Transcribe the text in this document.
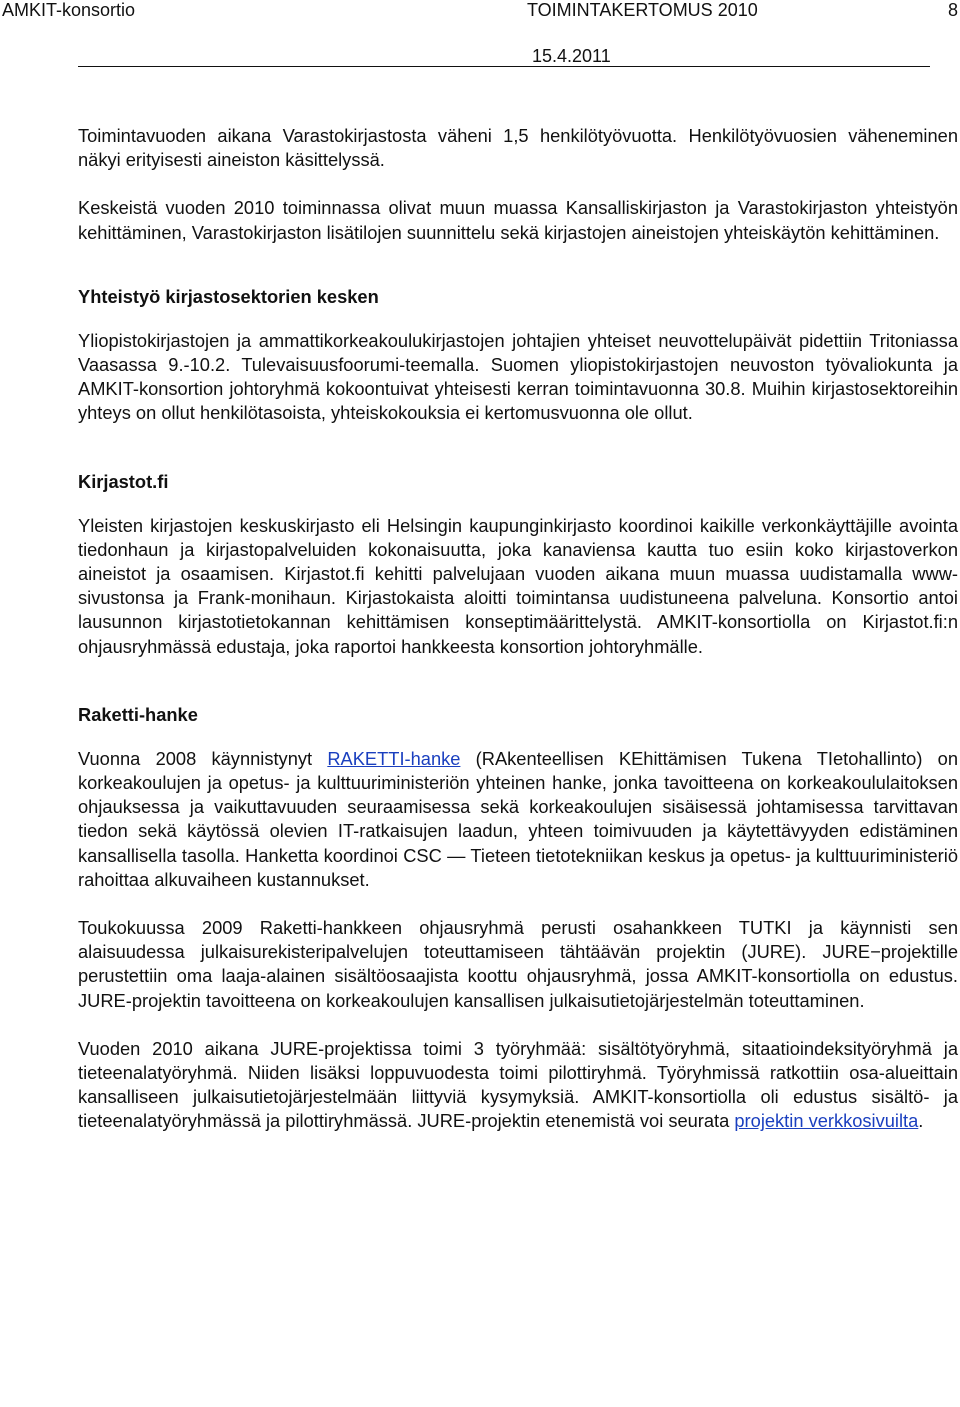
AMKIT-konsortio	TOIMINTAKERTOMUS 2010	8
15.4.2011

Toimintavuoden aikana Varastokirjastosta väheni 1,5 henkilötyövuotta. Henkilötyövuosien väheneminen näkyi erityisesti aineiston käsittelyssä.

Keskeistä vuoden 2010 toiminnassa olivat muun muassa Kansalliskirjaston ja Varastokirjaston yhteistyön kehittäminen, Varastokirjaston lisätilojen suunnittelu sekä kirjastojen aineistojen yhteiskäytön kehittäminen.

Yhteistyö kirjastosektorien kesken

Yliopistokirjastojen ja ammattikorkeakoulukirjastojen johtajien yhteiset neuvottelupäivät pidettiin Tritoniassa Vaasassa 9.-10.2. Tulevaisuusfoorumi-teemalla. Suomen yliopistokirjastojen neuvoston työvaliokunta ja AMKIT-konsortion johtoryhmä kokoontuivat yhteisesti kerran toimintavuonna 30.8. Muihin kirjastosektoreihin yhteys on ollut henkilötasoista, yhteiskokouksia ei kertomusvuonna ole ollut.

Kirjastot.fi

Yleisten kirjastojen keskuskirjasto eli Helsingin kaupunginkirjasto koordinoi kaikille verkonkäyttäjille avointa tiedonhaun ja kirjastopalveluiden kokonaisuutta, joka kanaviensa kautta tuo esiin koko kirjastoverkon aineistot ja osaamisen. Kirjastot.fi kehitti palvelujaan vuoden aikana muun muassa uudistamalla www-sivustonsa ja Frank-monihaun. Kirjastokaista aloitti toimintansa uudistuneena palveluna. Konsortio antoi lausunnon kirjastotietokannan kehittämisen konseptimäärittelystä. AMKIT-konsortiolla on Kirjastot.fi:n ohjausryhmässä edustaja, joka raportoi hankkeesta konsortion johtoryhmälle.

Raketti-hanke

Vuonna 2008 käynnistynyt RAKETTI-hanke (RAkenteellisen KEhittämisen Tukena TIetohallinto) on korkeakoulujen ja opetus- ja kulttuuriministeriön yhteinen hanke, jonka tavoitteena on korkeakoululaitoksen ohjauksessa ja vaikuttavuuden seuraamisessa sekä korkeakoulujen sisäisessä johtamisessa tarvittavan tiedon sekä käytössä olevien IT-ratkaisujen laadun, yhteen toimivuuden ja käytettävyyden edistäminen kansallisella tasolla. Hanketta koordinoi CSC — Tieteen tietotekniikan keskus ja opetus- ja kulttuuriministeriö rahoittaa alkuvaiheen kustannukset.

Toukokuussa 2009 Raketti-hankkeen ohjausryhmä perusti osahankkeen TUTKI ja käynnisti sen alaisuudessa julkaisurekisteripalvelujen toteuttamiseen tähtäävän projektin (JURE). JURE−projektille perustettiin oma laaja-alainen sisältöosaajista koottu ohjausryhmä, jossa AMKIT-konsortiolla on edustus. JURE-projektin tavoitteena on korkeakoulujen kansallisen julkaisutietojärjestelmän toteuttaminen.

Vuoden 2010 aikana JURE-projektissa toimi 3 työryhmää: sisältötyöryhmä, sitaatioindeksityöryhmä ja tieteenalatyöryhmä. Niiden lisäksi loppuvuodesta toimi pilottiryhmä. Työryhmissä ratkottiin osa-alueittain kansalliseen julkaisutietojärjestelmään liittyviä kysymyksiä. AMKIT-konsortiolla oli edustus sisältö- ja tieteenalatyöryhmässä ja pilottiryhmässä. JURE-projektin etenemistä voi seurata projektin verkkosivuilta.
